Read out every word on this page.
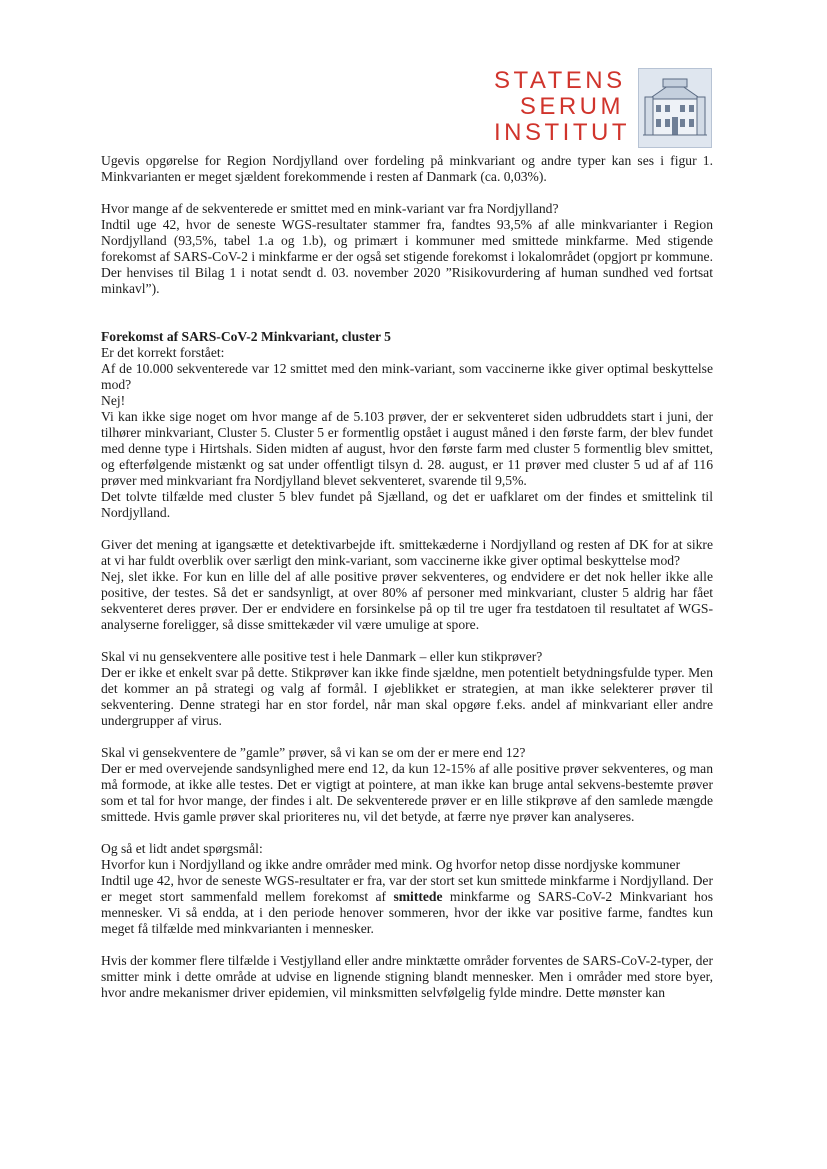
STATENS
SERUM
INSTITUT

Ugevis opgørelse for Region Nordjylland over fordeling på minkvariant og andre typer kan ses i figur 1. Minkvarianten er meget sjældent forekommende i resten af Danmark (ca. 0,03%).

Hvor mange af de sekventerede er smittet med en mink-variant var fra Nordjylland?

Indtil uge 42, hvor de seneste WGS-resultater stammer fra, fandtes 93,5% af alle minkvarianter i Region Nordjylland (93,5%, tabel 1.a og 1.b), og primært i kommuner med smittede minkfarme. Med stigende forekomst af SARS-CoV-2 i minkfarme er der også set stigende forekomst i lokalområdet (opgjort pr kommune. Der henvises til Bilag 1 i notat sendt d. 03. november 2020 ”Risikovurdering af human sundhed ved fortsat minkavl”).

Forekomst af SARS-CoV-2 Minkvariant, cluster 5

Er det korrekt forstået:

Af de 10.000 sekventerede var 12 smittet med den mink-variant, som vaccinerne ikke giver optimal beskyttelse mod?

Nej!

Vi kan ikke sige noget om hvor mange af de 5.103 prøver, der er sekventeret siden udbruddets start i juni, der tilhører minkvariant, Cluster 5. Cluster 5 er formentlig opstået i august måned i den første farm, der blev fundet med denne type i Hirtshals. Siden midten af august, hvor den første farm med cluster 5 formentlig blev smittet, og efterfølgende mistænkt og sat under offentligt tilsyn d. 28. august, er 11 prøver med cluster 5 ud af af 116 prøver med minkvariant fra Nordjylland blevet sekventeret, svarende til 9,5%.

Det tolvte tilfælde med cluster 5 blev fundet på Sjælland, og det er uafklaret om der findes et smittelink til Nordjylland.

Giver det mening at igangsætte et detektivarbejde ift. smittekæderne i Nordjylland og resten af DK for at sikre at vi har fuldt overblik over særligt den mink-variant, som vaccinerne ikke giver optimal beskyttelse mod?

Nej, slet ikke. For kun en lille del af alle positive prøver sekventeres, og endvidere er det nok heller ikke alle positive, der testes. Så det er sandsynligt, at over 80% af personer med minkvariant, cluster 5 aldrig har fået sekventeret deres prøver. Der er endvidere en forsinkelse på op til tre uger fra testdatoen til resultatet af WGS-analyserne foreligger, så disse smittekæder vil være umulige at spore.

Skal vi nu gensekventere alle positive test i hele Danmark – eller kun stikprøver?

Der er ikke et enkelt svar på dette. Stikprøver kan ikke finde sjældne, men potentielt betydningsfulde typer. Men det kommer an på strategi og valg af formål. I øjeblikket er strategien, at man ikke selekterer prøver til sekventering. Denne strategi har en stor fordel, når man skal opgøre f.eks. andel af minkvariant eller andre undergrupper af virus.

Skal vi gensekventere de ”gamle” prøver, så vi kan se om der er mere end 12?

Der er med overvejende sandsynlighed mere end 12, da kun 12-15% af alle positive prøver sekventeres, og man må formode, at ikke alle testes. Det er vigtigt at pointere, at man ikke kan bruge antal sekvens-bestemte prøver som et tal for hvor mange, der findes i alt. De sekventerede prøver er en lille stikprøve af den samlede mængde smittede. Hvis gamle prøver skal prioriteres nu, vil det betyde, at færre nye prøver kan analyseres.

Og så et lidt andet spørgsmål:

Hvorfor kun i Nordjylland og ikke andre områder med mink. Og hvorfor netop disse nordjyske kommuner

Indtil uge 42, hvor de seneste WGS-resultater er fra, var der stort set kun smittede minkfarme i Nordjylland. Der er meget stort sammenfald mellem forekomst af smittede minkfarme og SARS-CoV-2 Minkvariant hos mennesker. Vi så endda, at i den periode henover sommeren, hvor der ikke var positive farme, fandtes kun meget få tilfælde med minkvarianten i mennesker.

Hvis der kommer flere tilfælde i Vestjylland eller andre minktætte områder forventes de SARS-CoV-2-typer, der smitter mink i dette område at udvise en lignende stigning blandt mennesker. Men i områder med store byer, hvor andre mekanismer driver epidemien, vil minksmitten selvfølgelig fylde mindre. Dette mønster kan
